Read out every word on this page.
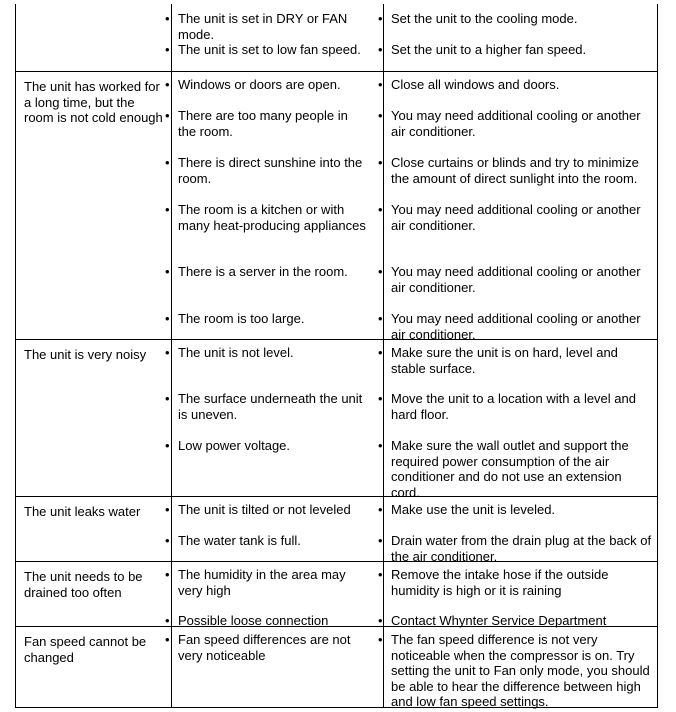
• The unit is set in DRY or FAN mode.
• The unit is set to low fan speed.
• Set the unit to the cooling mode.
• Set the unit to a higher fan speed.
The unit has worked for a long time, but the room is not cold enough
• Windows or doors are open.
• There are too many people in the room.
• There is direct sunshine into the room.
• The room is a kitchen or with many heat-producing appliances
• There is a server in the room.
• The room is too large.
• Close all windows and doors.
• You may need additional cooling or another air conditioner.
• Close curtains or blinds and try to minimize the amount of direct sunlight into the room.
• You may need additional cooling or another air conditioner.
• You may need additional cooling or another air conditioner.
• You may need additional cooling or another air conditioner.
The unit is very noisy	• The unit is not level.
• The surface underneath the unit is uneven.
• Low power voltage.
• Make sure the unit is on hard, level and stable surface.
• Move the unit to a location with a level and hard floor.
• Make sure the wall outlet and support the required power consumption of the air conditioner and do not use an extension cord.
The unit leaks water	• The unit is tilted or not leveled
• The water tank is full.
• Make use the unit is leveled.
• Drain water from the drain plug at the back of the air conditioner.
The unit needs to be drained too often
• The humidity in the area may very high
• Possible loose connection
• Remove the intake hose if the outside humidity is high or it is raining
• Contact Whynter Service Department
Fan speed cannot be changed
• Fan speed differences are not very noticeable
• The fan speed difference is not very noticeable when the compressor is on. Try setting the unit to Fan only mode, you should be able to hear the difference between high and low fan speed settings.
